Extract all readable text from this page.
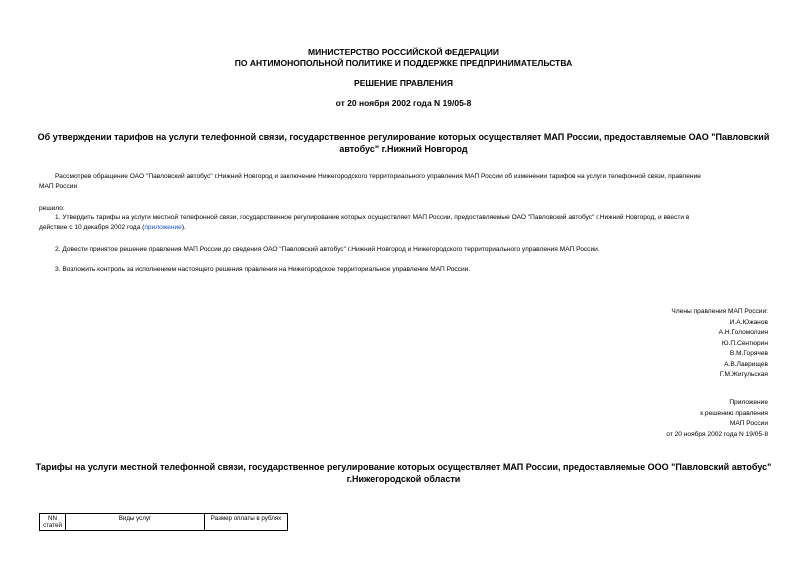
МИНИСТЕРСТВО РОССИЙСКОЙ ФЕДЕРАЦИИ
ПО АНТИМОНОПОЛЬНОЙ ПОЛИТИКЕ И ПОДДЕРЖКЕ ПРЕДПРИНИМАТЕЛЬСТВА
РЕШЕНИЕ ПРАВЛЕНИЯ
от 20 ноября 2002 года N 19/05-8
Об утверждении тарифов на услуги телефонной связи, государственное регулирование которых осуществляет МАП России, предоставляемые ОАО "Павловский
автобус" г.Нижний Новгород
Рассмотрев обращение ОАО "Павловский автобус" г.Нижний Новгород и заключение Нижегородского территориального управления МАП России об изменении тарифов на услуги телефонной связи, правление
МАП России
решило:
1. Утвердить тарифы на услуги местной телефонной связи, государственное регулирование которых осуществляет МАП России, предоставляемые ОАО "Павловский автобус" г.Нижний Новгород, и ввести в
действие с 10 декабря 2002 года (приложение).
2. Довести принятое решение правления МАП России до сведения ОАО "Павловский автобус" г.Нижний Новгород и Нижегородского территориального управления МАП России.
3. Возложить контроль за исполнением настоящего решения правления на Нижегородское территориальное управление МАП России.
Члены правления МАП России:
И.А.Южанов
А.Н.Голомолзин
Ю.П.Сентюрин
В.М.Горячев
А.В.Лаврищев
Г.М.Жигульская
Приложение
к решению правления
МАП России
от 20 ноября 2002 года N 19/05-8
Тарифы на услуги местной телефонной связи, государственное регулирование которых осуществляет МАП России, предоставляемые ООО "Павловский автобус"
г.Нижегородской области
NN
статей
	Виды услуг	Размер оплаты в рублях
